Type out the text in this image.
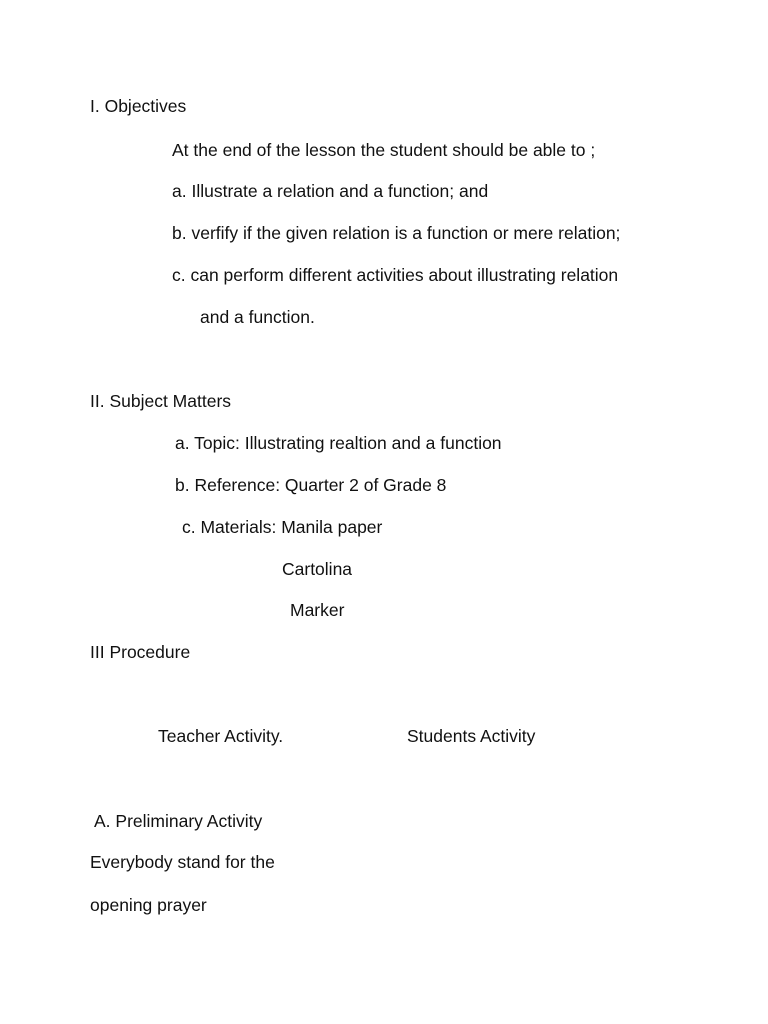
I. Objectives
At the end of the lesson the student should be able to ;
a. Illustrate a relation and a function; and
b. verfify if the given relation is a function or mere relation;
c. can perform different activities about illustrating relation
and a function.
II. Subject Matters
a. Topic: Illustrating realtion and a function
b. Reference: Quarter 2 of Grade 8
c. Materials: Manila paper
Cartolina
Marker
III Procedure
Teacher Activity.	Students Activity
A. Preliminary Activity
Everybody stand for the
opening prayer
